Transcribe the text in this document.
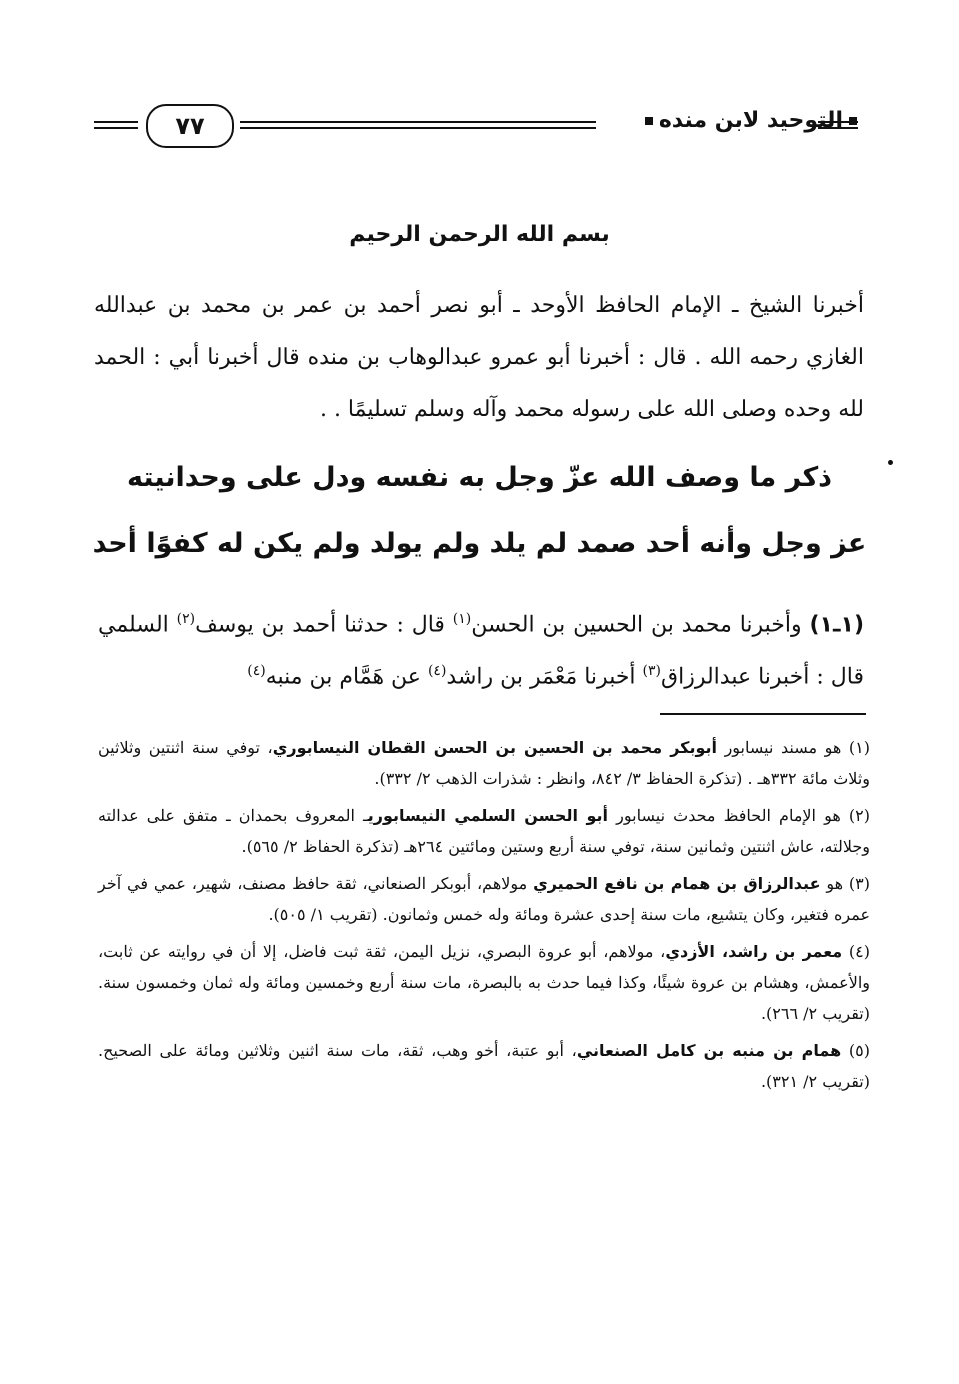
التوحيد لابن منده
٧٧
بسم الله الرحمن الرحيم
أخبرنا الشيخ ـ الإمام الحافظ الأوحد ـ أبو نصر أحمد بن عمر بن محمد بن عبدالله الغازي رحمه الله . قال : أخبرنا أبو عمرو عبدالوهاب بن منده قال أخبرنا أبي : الحمد لله وحده وصلى الله على رسوله محمد وآله وسلم تسليمًا . .
ذكر ما وصف الله عزّ وجل به نفسه ودل على وحدانيته
عز وجل وأنه أحد صمد لم يلد ولم يولد ولم يكن له كفوًا أحد
(١ـ١) وأخبرنا محمد بن الحسين بن الحسن$^{(١)}$ قال : حدثنا أحمد بن يوسف$^{(٢)}$ السلمي قال : أخبرنا عبدالرزاق$^{(٣)}$ أخبرنا مَعْمَر بن راشد$^{(٤)}$ عن هَمَّام بن منبه$^{(٤)}$
(١) هو مسند نيسابور أبوبكر محمد بن الحسين بن الحسن القطان النيسابوري، توفي سنة اثنتين وثلاثين وثلاث مائة ٣٣٢هـ . (تذكرة الحفاظ ٣/ ٨٤٢، وانظر : شذرات الذهب ٢/ ٣٣٢).
(٢) هو الإمام الحافظ محدث نيسابور أبو الحسن السلمي النيسابوريـ المعروف بحمدان ـ متفق على عدالته وجلالته، عاش اثنتين وثمانين سنة، توفي سنة أربع وستين ومائتين ٢٦٤هـ (تذكرة الحفاظ ٢/ ٥٦٥).
(٣) هو عبدالرزاق بن همام بن نافع الحميري مولاهم، أبوبكر الصنعاني، ثقة حافظ مصنف، شهير، عمي في آخر عمره فتغير، وكان يتشيع، مات سنة إحدى عشرة ومائة وله خمس وثمانون. (تقريب ١/ ٥٠٥).
(٤) معمر بن راشد، الأزدي، مولاهم، أبو عروة البصري، نزيل اليمن، ثقة ثبت فاضل، إلا أن في روايته عن ثابت، والأعمش، وهشام بن عروة شيئًا، وكذا فيما حدث به بالبصرة، مات سنة أربع وخمسين ومائة وله ثمان وخمسون سنة. (تقريب ٢/ ٢٦٦).
(٥) همام بن منبه بن كامل الصنعاني، أبو عتبة، أخو وهب، ثقة، مات سنة اثنين وثلاثين ومائة على الصحيح. (تقريب ٢/ ٣٢١).
